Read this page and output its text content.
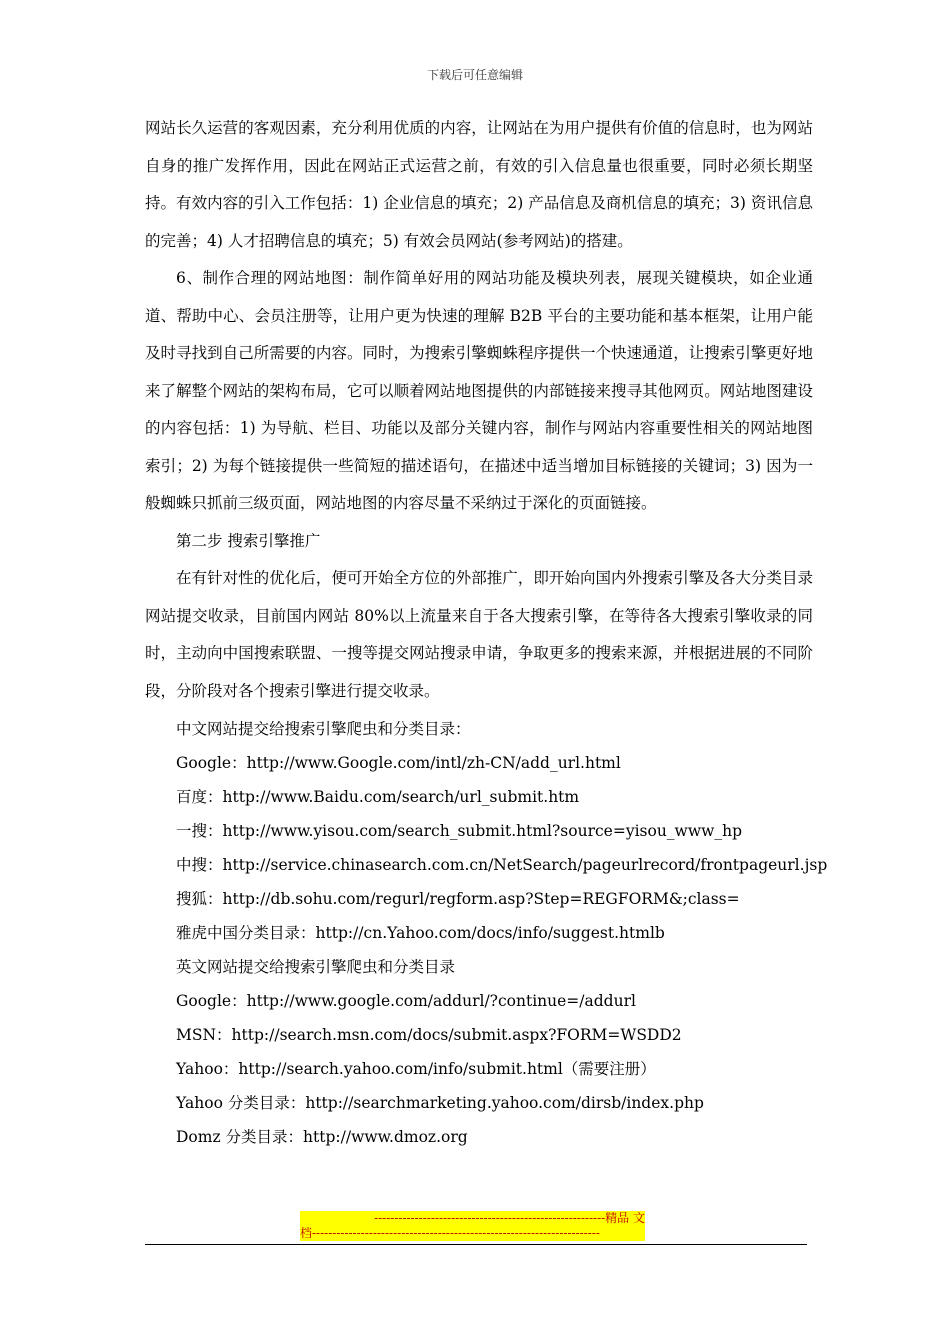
下载后可任意编辑

网站长久运营的客观因素，充分利用优质的内容，让网站在为用户提供有价值的信息时，也为网站自身的推广发挥作用，因此在网站正式运营之前，有效的引入信息量也很重要，同时必须长期坚持。有效内容的引入工作包括：1) 企业信息的填充；2) 产品信息及商机信息的填充；3) 资讯信息的完善；4) 人才招聘信息的填充；5) 有效会员网站(参考网站)的搭建。

6、制作合理的网站地图：制作简单好用的网站功能及模块列表，展现关键模块，如企业通道、帮助中心、会员注册等，让用户更为快速的理解 B2B 平台的主要功能和基本框架，让用户能及时寻找到自己所需要的内容。同时，为搜索引擎蜘蛛程序提供一个快速通道，让搜索引擎更好地来了解整个网站的架构布局，它可以顺着网站地图提供的内部链接来搜寻其他网页。网站地图建设的内容包括：1) 为导航、栏目、功能以及部分关键内容，制作与网站内容重要性相关的网站地图索引；2) 为每个链接提供一些简短的描述语句，在描述中适当增加目标链接的关键词；3) 因为一般蜘蛛只抓前三级页面，网站地图的内容尽量不采纳过于深化的页面链接。

第二步 搜索引擎推广

在有针对性的优化后，便可开始全方位的外部推广，即开始向国内外搜索引擎及各大分类目录网站提交收录，目前国内网站 80%以上流量来自于各大搜索引擎，在等待各大搜索引擎收录的同时，主动向中国搜索联盟、一搜等提交网站搜录申请，争取更多的搜索来源，并根据进展的不同阶段，分阶段对各个搜索引擎进行提交收录。

中文网站提交给搜索引擎爬虫和分类目录：

Google：http://www.Google.com/intl/zh-CN/add_url.html

百度：http://www.Baidu.com/search/url_submit.htm

一搜：http://www.yisou.com/search_submit.html?source=yisou_www_hp

中搜：http://service.chinasearch.com.cn/NetSearch/pageurlrecord/frontpageurl.jsp

搜狐：http://db.sohu.com/regurl/regform.asp?Step=REGFORM&;class=

雅虎中国分类目录：http://cn.Yahoo.com/docs/info/suggest.htmlb

英文网站提交给搜索引擎爬虫和分类目录

Google：http://www.google.com/addurl/?continue=/addurl

MSN：http://search.msn.com/docs/submit.aspx?FORM=WSDD2

Yahoo：http://search.yahoo.com/info/submit.html（需要注册）

Yahoo 分类目录：http://searchmarketing.yahoo.com/dirsb/index.php

Domz 分类目录：http://www.dmoz.org

---------------------------------------------------------精品 文
档-----------------------------------------------------------------------
